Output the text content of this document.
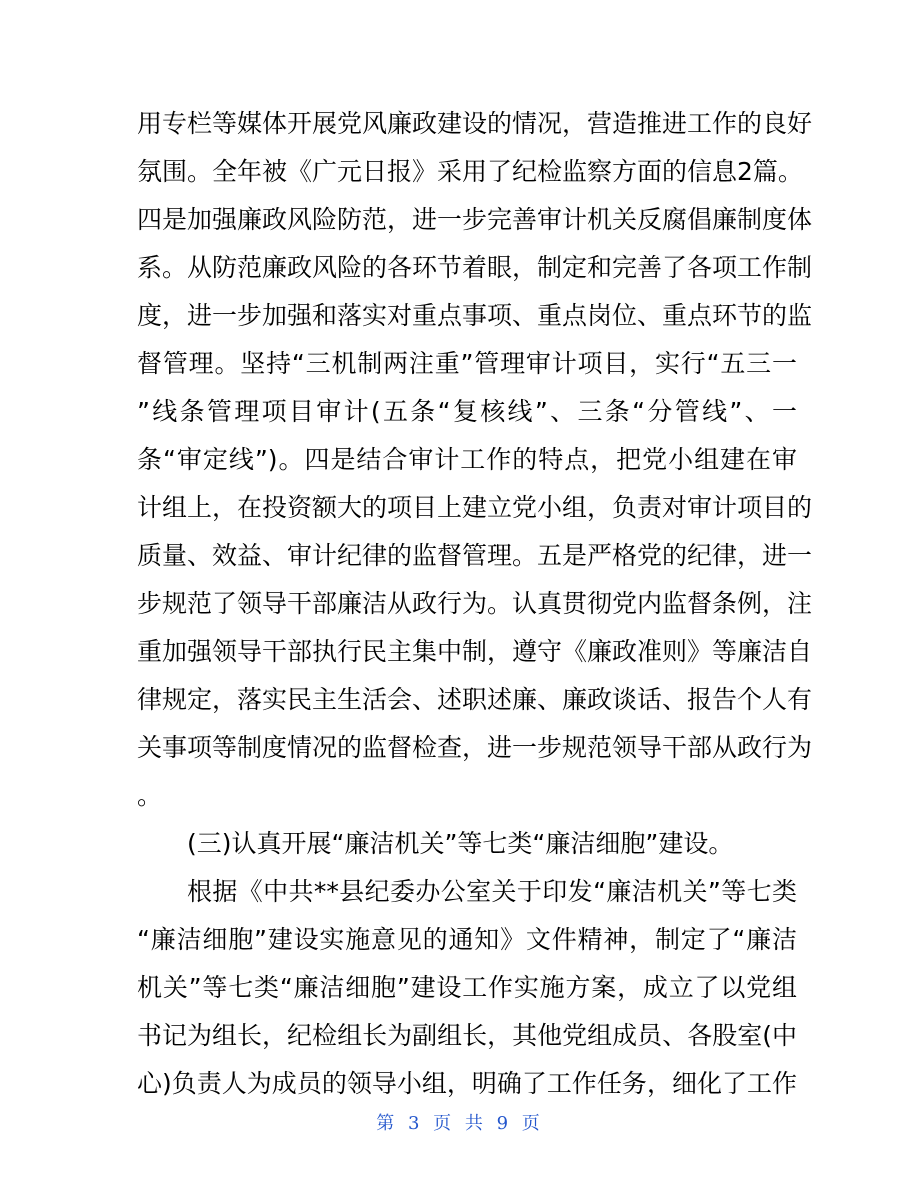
用专栏等媒体开展党风廉政建设的情况，营造推进工作的良好
氛围。全年被《广元日报》采用了纪检监察方面的信息2篇。
四是加强廉政风险防范，进一步完善审计机关反腐倡廉制度体
系。从防范廉政风险的各环节着眼，制定和完善了各项工作制
度，进一步加强和落实对重点事项、重点岗位、重点环节的监
督管理。坚持“三机制两注重”管理审计项目，实行“五三一
”线条管理项目审计(五条“复核线”、三条“分管线”、一
条“审定线”)。四是结合审计工作的特点，把党小组建在审
计组上，在投资额大的项目上建立党小组，负责对审计项目的
质量、效益、审计纪律的监督管理。五是严格党的纪律，进一
步规范了领导干部廉洁从政行为。认真贯彻党内监督条例，注
重加强领导干部执行民主集中制，遵守《廉政准则》等廉洁自
律规定，落实民主生活会、述职述廉、廉政谈话、报告个人有
关事项等制度情况的监督检查，进一步规范领导干部从政行为
。
(三)认真开展“廉洁机关”等七类“廉洁细胞”建设。
根据《中共**县纪委办公室关于印发“廉洁机关”等七类
“廉洁细胞”建设实施意见的通知》文件精神，制定了“廉洁
机关”等七类“廉洁细胞”建设工作实施方案，成立了以党组
书记为组长，纪检组长为副组长，其他党组成员、各股室(中
心)负责人为成员的领导小组，明确了工作任务，细化了工作
第 3 页 共 9 页
